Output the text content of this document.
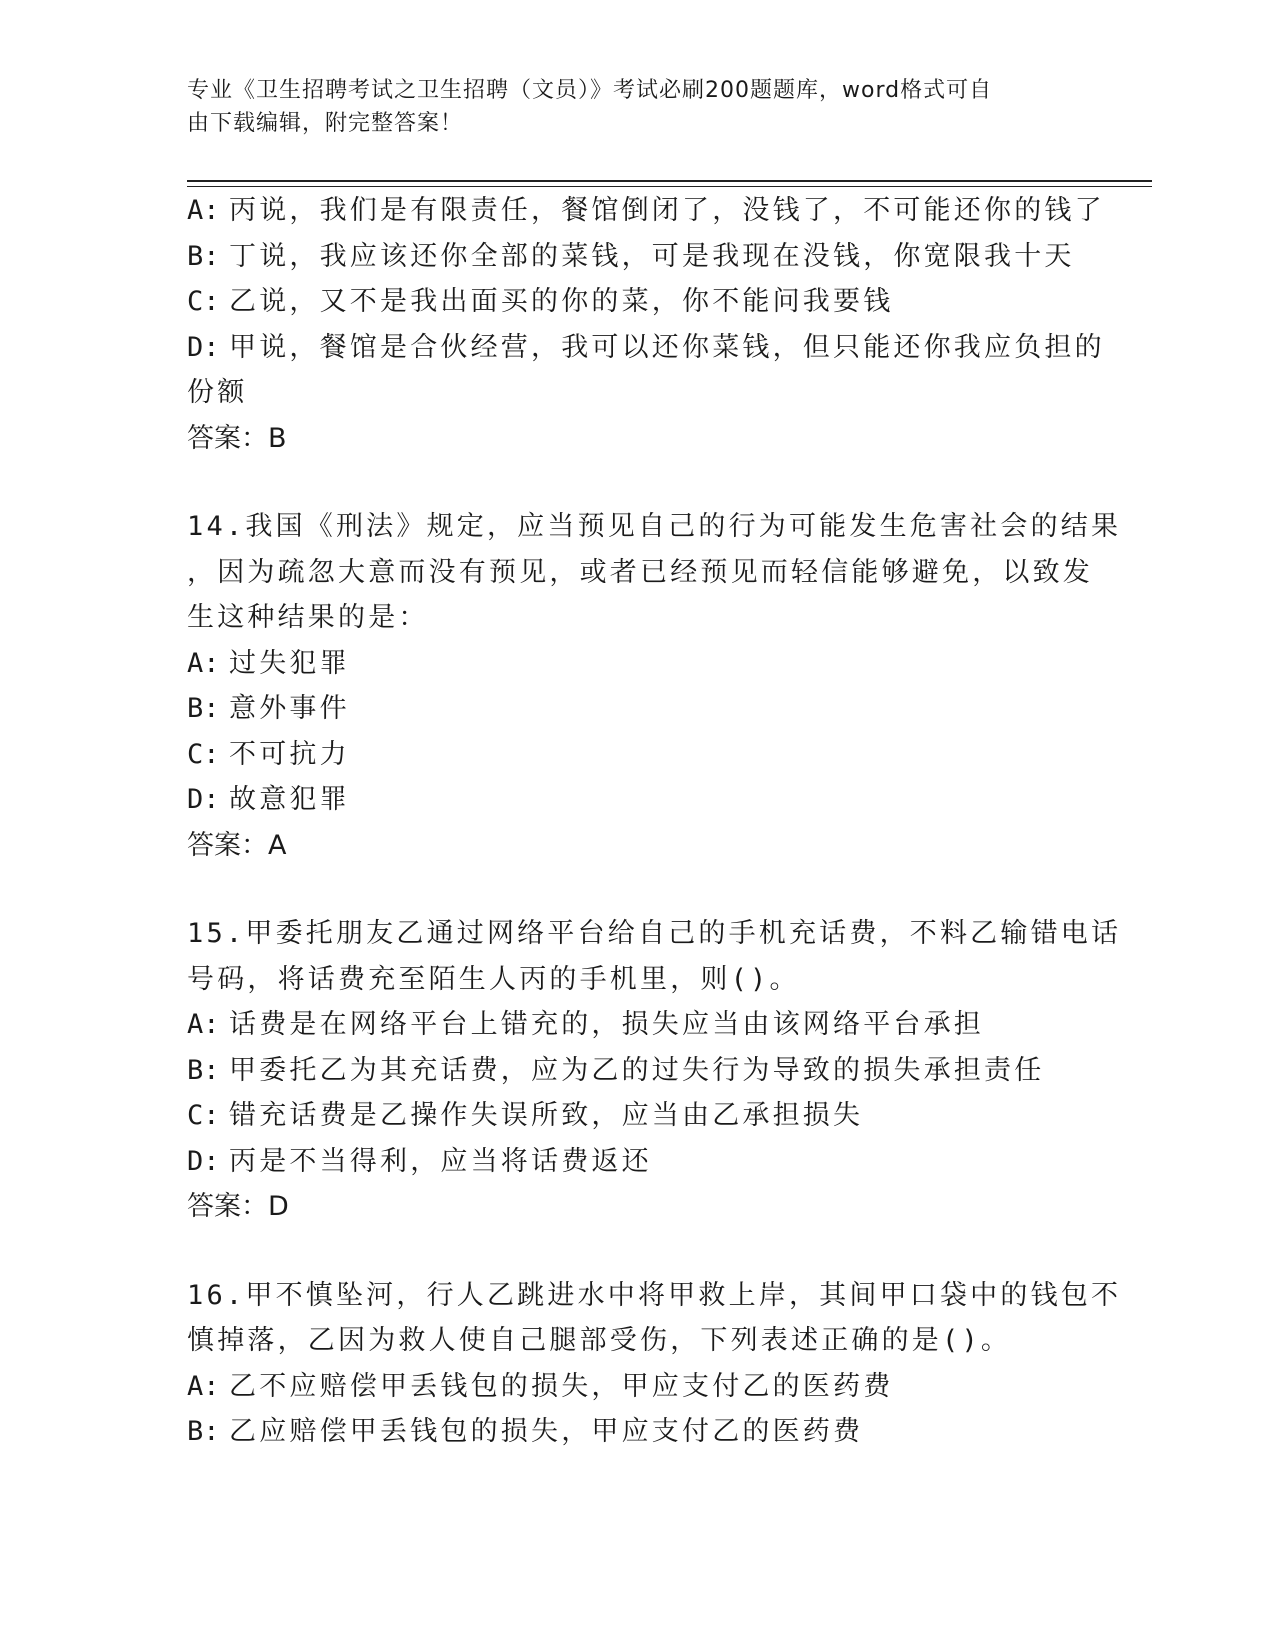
专业《卫生招聘考试之卫生招聘（文员）》考试必刷200题题库，word格式可自
由下载编辑，附完整答案！
A: 丙说，我们是有限责任，餐馆倒闭了，没钱了，不可能还你的钱了
B: 丁说，我应该还你全部的菜钱，可是我现在没钱，你宽限我十天
C: 乙说，又不是我出面买的你的菜，你不能问我要钱
D: 甲说，餐馆是合伙经营，我可以还你菜钱，但只能还你我应负担的
份额
答案：B
14.我国《刑法》规定，应当预见自己的行为可能发生危害社会的结果
，因为疏忽大意而没有预见，或者已经预见而轻信能够避免，以致发
生这种结果的是：
A: 过失犯罪
B: 意外事件
C: 不可抗力
D: 故意犯罪
答案：A
15.甲委托朋友乙通过网络平台给自己的手机充话费，不料乙输错电话
号码，将话费充至陌生人丙的手机里，则()。
A: 话费是在网络平台上错充的，损失应当由该网络平台承担
B: 甲委托乙为其充话费，应为乙的过失行为导致的损失承担责任
C: 错充话费是乙操作失误所致，应当由乙承担损失
D: 丙是不当得利，应当将话费返还
答案：D
16.甲不慎坠河，行人乙跳进水中将甲救上岸，其间甲口袋中的钱包不
慎掉落，乙因为救人使自己腿部受伤，下列表述正确的是()。
A: 乙不应赔偿甲丢钱包的损失，甲应支付乙的医药费
B: 乙应赔偿甲丢钱包的损失，甲应支付乙的医药费
